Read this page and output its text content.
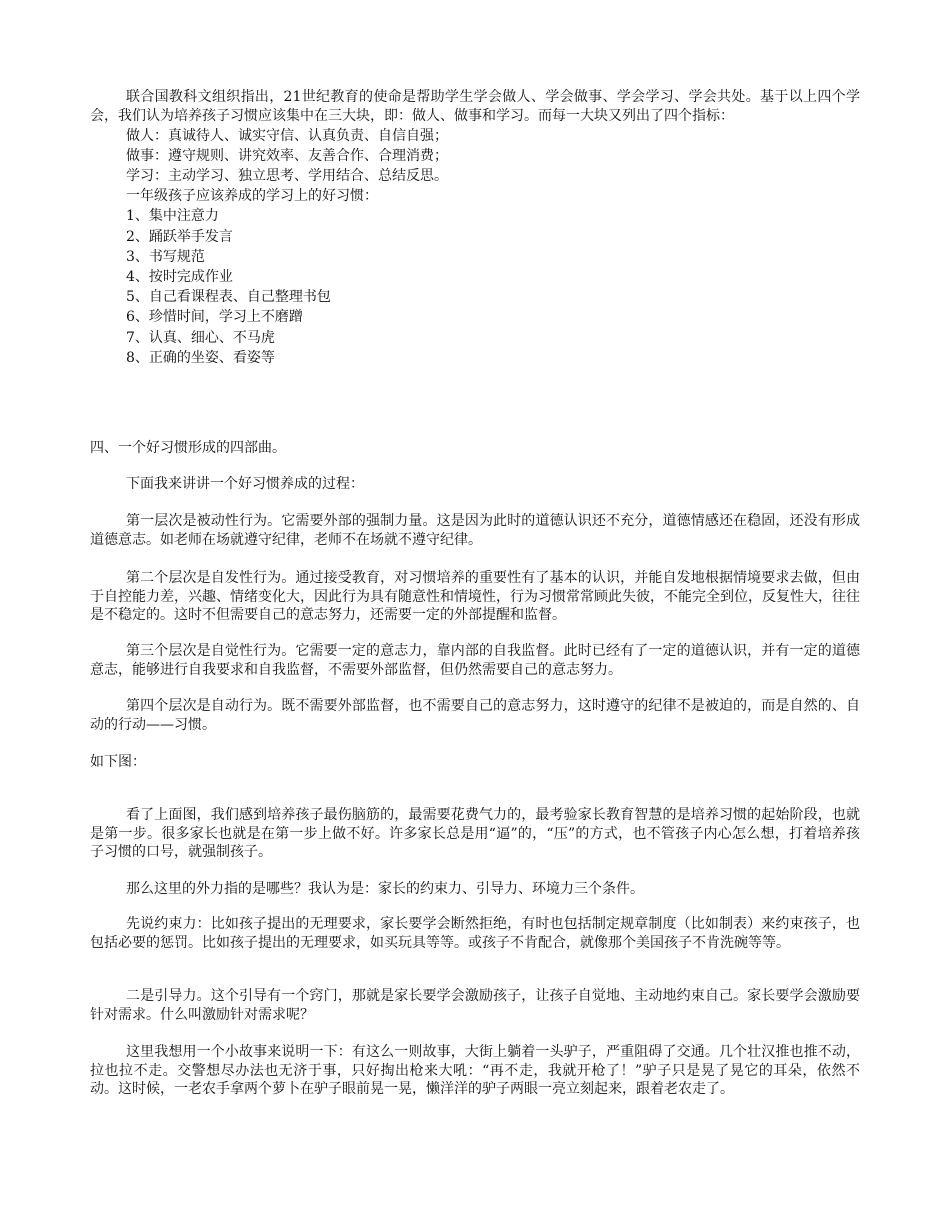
联合国教科文组织指出，21世纪教育的使命是帮助学生学会做人、学会做事、学会学习、学会共处。基于以上四个学会，我们认为培养孩子习惯应该集中在三大块，即：做人、做事和学习。而每一大块又列出了四个指标：
做人：真诚待人、诚实守信、认真负责、自信自强；
做事：遵守规则、讲究效率、友善合作、合理消费；
学习：主动学习、独立思考、学用结合、总结反思。
一年级孩子应该养成的学习上的好习惯：
1、集中注意力
2、踊跃举手发言
3、书写规范
4、按时完成作业
5、自己看课程表、自己整理书包
6、珍惜时间，学习上不磨蹭
7、认真、细心、不马虎
8、正确的坐姿、看姿等
四、一个好习惯形成的四部曲。
下面我来讲讲一个好习惯养成的过程：
第一层次是被动性行为。它需要外部的强制力量。这是因为此时的道德认识还不充分，道德情感还在稳固，还没有形成道德意志。如老师在场就遵守纪律，老师不在场就不遵守纪律。
第二个层次是自发性行为。通过接受教育，对习惯培养的重要性有了基本的认识，并能自发地根据情境要求去做，但由于自控能力差，兴趣、情绪变化大，因此行为具有随意性和情境性，行为习惯常常顾此失彼，不能完全到位，反复性大，往往是不稳定的。这时不但需要自己的意志努力，还需要一定的外部提醒和监督。
第三个层次是自觉性行为。它需要一定的意志力，靠内部的自我监督。此时已经有了一定的道德认识，并有一定的道德意志，能够进行自我要求和自我监督，不需要外部监督，但仍然需要自己的意志努力。
第四个层次是自动行为。既不需要外部监督，也不需要自己的意志努力，这时遵守的纪律不是被迫的，而是自然的、自动的行动——习惯。
如下图：
看了上面图，我们感到培养孩子最伤脑筋的，最需要花费气力的，最考验家长教育智慧的是培养习惯的起始阶段，也就是第一步。很多家长也就是在第一步上做不好。许多家长总是用“逼”的，“压”的方式，也不管孩子内心怎么想，打着培养孩子习惯的口号，就强制孩子。
那么这里的外力指的是哪些？我认为是：家长的约束力、引导力、环境力三个条件。
先说约束力：比如孩子提出的无理要求，家长要学会断然拒绝，有时也包括制定规章制度（比如制表）来约束孩子，也包括必要的惩罚。比如孩子提出的无理要求，如买玩具等等。或孩子不肯配合，就像那个美国孩子不肯洗碗等等。
二是引导力。这个引导有一个窍门，那就是家长要学会激励孩子，让孩子自觉地、主动地约束自己。家长要学会激励要针对需求。什么叫激励针对需求呢？
这里我想用一个小故事来说明一下：有这么一则故事，大街上躺着一头驴子，严重阻碍了交通。几个壮汉推也推不动，拉也拉不走。交警想尽办法也无济于事，只好掏出枪来大吼：“再不走，我就开枪了！”驴子只是晃了晃它的耳朵，依然不动。这时候，一老农手拿两个萝卜在驴子眼前晃一晃，懒洋洋的驴子两眼一亮立刻起来，跟着老农走了。
